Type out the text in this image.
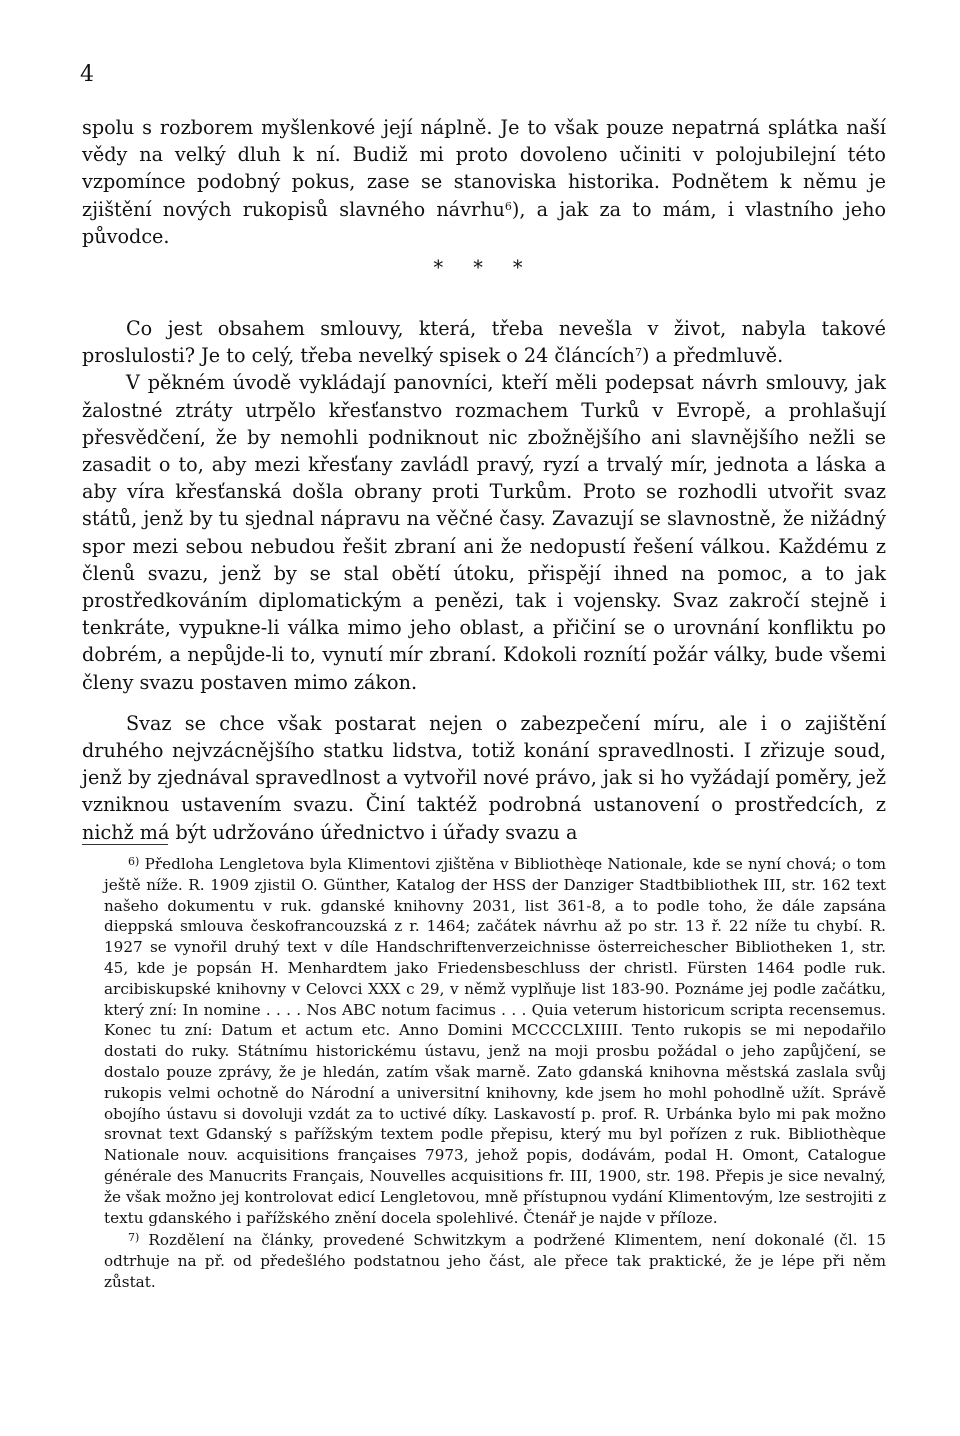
4

spolu s rozborem myšlenkové její náplně. Je to však pouze nepatrná splátka naší vědy na velký dluh k ní. Budiž mi proto dovoleno učiniti v polojubilejní této vzpomínce podobný pokus, zase se stanoviska historika. Podnětem k němu je zjištění nových rukopisů slavného návrhu$^6$), a jak za to mám, i vlastního jeho původce.

* * *

Co jest obsahem smlouvy, která, třeba nevešla v život, nabyla takové proslulosti? Je to celý, třeba nevelký spisek o 24 článcích$^7$) a předmluvě.

V pěkném úvodě vykládají panovníci, kteří měli podepsat návrh smlouvy, jak žalostné ztráty utrpělo křesťanstvo rozmachem Turků v Evropě, a prohlašují přesvědčení, že by nemohli podniknout nic zbožnějšího ani slavnějšího nežli se zasadit o to, aby mezi křesťany zavládl pravý, ryzí a trvalý mír, jednota a láska a aby víra křesťanská došla obrany proti Turkům. Proto se rozhodli utvořit svaz států, jenž by tu sjednal nápravu na věčné časy. Zavazují se slavnostně, že nižádný spor mezi sebou nebudou řešit zbraní ani že nedopustí řešení válkou. Každému z členů svazu, jenž by se stal obětí útoku, přispějí ihned na pomoc, a to jak prostředkováním diplomatickým a penězi, tak i vojensky. Svaz zakročí stejně i tenkráte, vypukne-li válka mimo jeho oblast, a přičiní se o urovnání konfliktu po dobrém, a nepůjde-li to, vynutí mír zbraní. Kdokoli roznítí požár války, bude všemi členy svazu postaven mimo zákon.

Svaz se chce však postarat nejen o zabezpečení míru, ale i o zajištění druhého nejvzácnějšího statku lidstva, totiž konání spravedlnosti. I zřizuje soud, jenž by zjednával spravedlnost a vytvořil nové právo, jak si ho vyžádají poměry, jež vzniknou ustavením svazu. Činí taktéž podrobná ustanovení o prostředcích, z nichž má být udržováno úřednictvo i úřady svazu a

$^{6)}$ Předloha Lengletova byla Klimentovi zjištěna v Bibliothèqe Nationale, kde se nyní chová; o tom ještě níže. R. 1909 zjistil O. Günther, Katalog der HSS der Danziger Stadtbibliothek III, str. 162 text našeho dokumentu v ruk. gdanské knihovny 2031, list 361-8, a to podle toho, že dále zapsána dieppská smlouva českofrancouzská z r. 1464; začátek návrhu až po str. 13 ř. 22 níže tu chybí. R. 1927 se vynořil druhý text v díle Handschriftenverzeichnisse österreichescher Bibliotheken 1, str. 45, kde je popsán H. Menhardtem jako Friedensbeschluss der christl. Fürsten 1464 podle ruk. arcibiskupské knihovny v Celovci XXX c 29, v němž vyplňuje list 183-90. Poznáme jej podle začátku, který zní: In nomine . . . . Nos ABC notum facimus . . . Quia veterum historicum scripta recensemus. Konec tu zní: Datum et actum etc. Anno Domini MCCCCLXIIII. Tento rukopis se mi nepodařilo dostati do ruky. Státnímu historickému ústavu, jenž na moji prosbu požádal o jeho zapůjčení, se dostalo pouze zprávy, že je hledán, zatím však marně. Zato gdanská knihovna městská zaslala svůj rukopis velmi ochotně do Národní a universitní knihovny, kde jsem ho mohl pohodlně užít. Správě obojího ústavu si dovoluji vzdát za to uctivé díky. Laskavostí p. prof. R. Urbánka bylo mi pak možno srovnat text Gdanský s pařížským textem podle přepisu, který mu byl pořízen z ruk. Bibliothèque Nationale nouv. acquisitions françaises 7973, jehož popis, dodávám, podal H. Omont, Catalogue générale des Manucrits Français, Nouvelles acquisitions fr. III, 1900, str. 198. Přepis je sice nevalný, že však možno jej kontrolovat edicí Lengletovou, mně přístupnou vydání Klimentovým, lze sestrojiti z textu gdanského i pařížského znění docela spolehlivé. Čtenář je najde v příloze.

$^{7)}$ Rozdělení na články, provedené Schwitzkym a podržené Klimentem, není dokonalé (čl. 15 odtrhuje na př. od předešlého podstatnou jeho část, ale přece tak praktické, že je lépe při něm zůstat.
